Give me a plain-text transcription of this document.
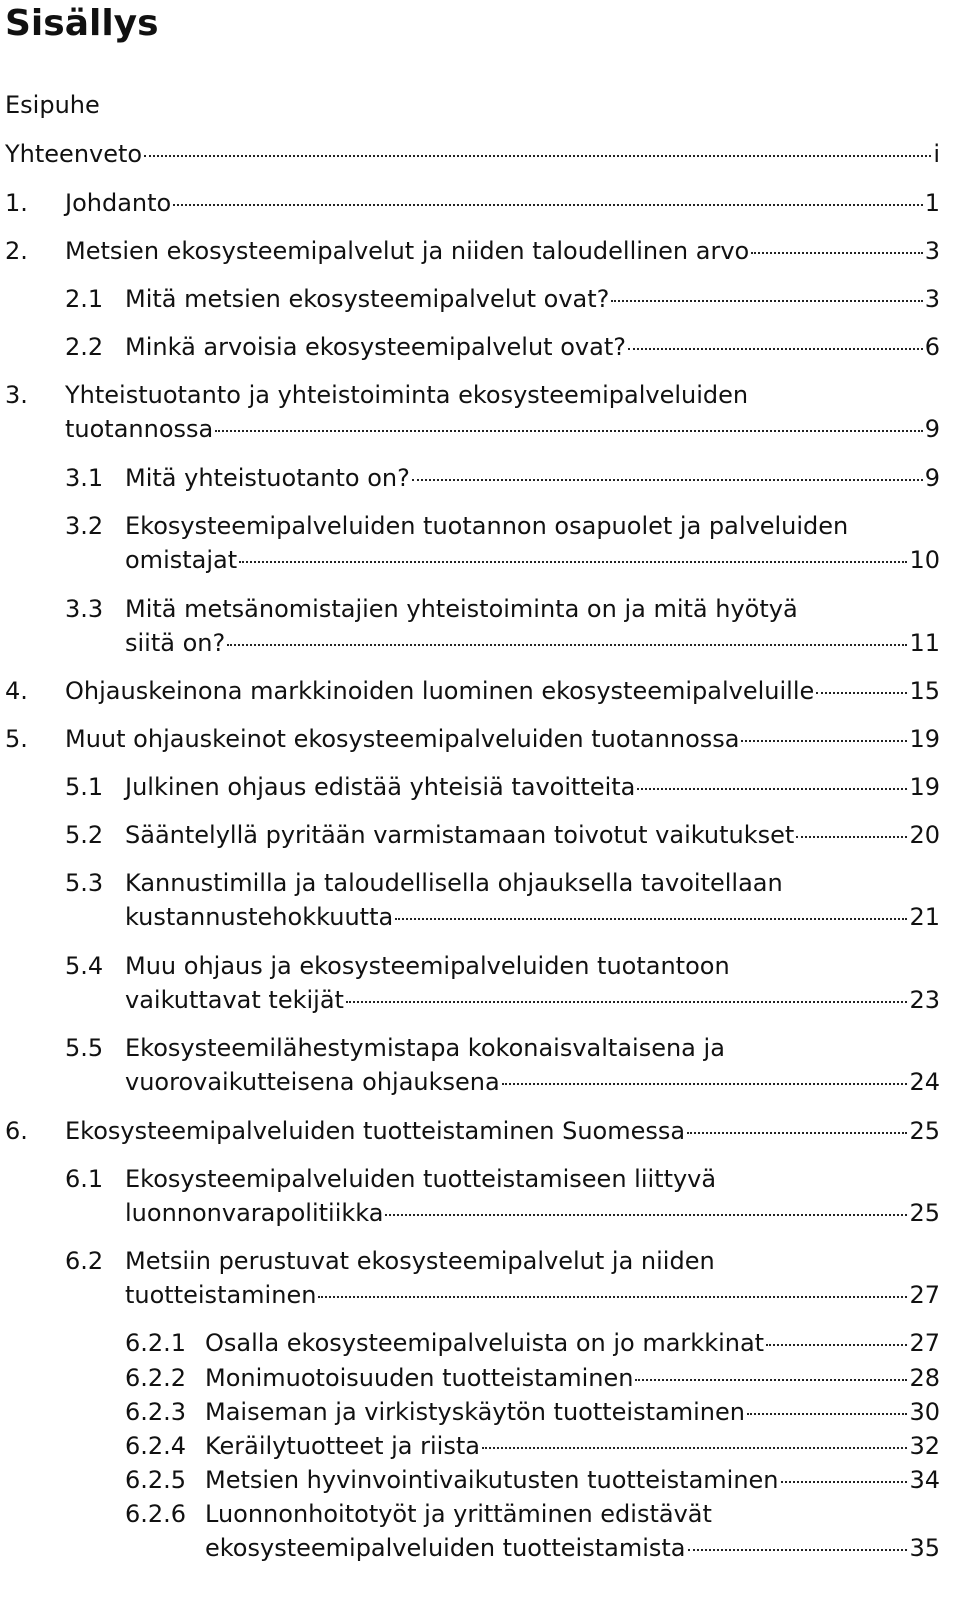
Sisällys
Esipuhe
Yhteenveto	i
1.	Johdanto	1
2.	Metsien ekosysteemipalvelut ja niiden taloudellinen arvo	3
2.1 Mitä metsien ekosysteemipalvelut ovat?	3
2.2 Minkä arvoisia ekosysteemipalvelut ovat?	6
3.	Yhteistuotanto ja yhteistoiminta ekosysteemipalveluiden
tuotannossa	9
3.1 Mitä yhteistuotanto on?	9
3.2 Ekosysteemipalveluiden tuotannon osapuolet ja palveluiden
omistajat	10
3.3 Mitä metsänomistajien yhteistoiminta on ja mitä hyötyä
siitä on?	11
4.	Ohjauskeinona markkinoiden luominen ekosysteemipalveluille	15
5.	Muut ohjauskeinot ekosysteemipalveluiden tuotannossa	19
5.1 Julkinen ohjaus edistää yhteisiä tavoitteita	19
5.2 Sääntelyllä pyritään varmistamaan toivotut vaikutukset	20
5.3 Kannustimilla ja taloudellisella ohjauksella tavoitellaan
kustannustehokkuutta	21
5.4 Muu ohjaus ja ekosysteemipalveluiden tuotantoon
vaikuttavat tekijät	23
5.5 Ekosysteemilähestymistapa kokonaisvaltaisena ja
vuorovaikutteisena ohjauksena	24
6.	Ekosysteemipalveluiden tuotteistaminen Suomessa	25
6.1 Ekosysteemipalveluiden tuotteistamiseen liittyvä
luonnonvarapolitiikka	25
6.2 Metsiin perustuvat ekosysteemipalvelut ja niiden
tuotteistaminen	27
6.2.1 Osalla ekosysteemipalveluista on jo markkinat	27
6.2.2 Monimuotoisuuden tuotteistaminen	28
6.2.3 Maiseman ja virkistyskäytön tuotteistaminen	30
6.2.4 Keräilytuotteet ja riista	32
6.2.5 Metsien hyvinvointivaikutusten tuotteistaminen	34
6.2.6 Luonnonhoitotyöt ja yrittäminen edistävät
ekosysteemipalveluiden tuotteistamista	35
